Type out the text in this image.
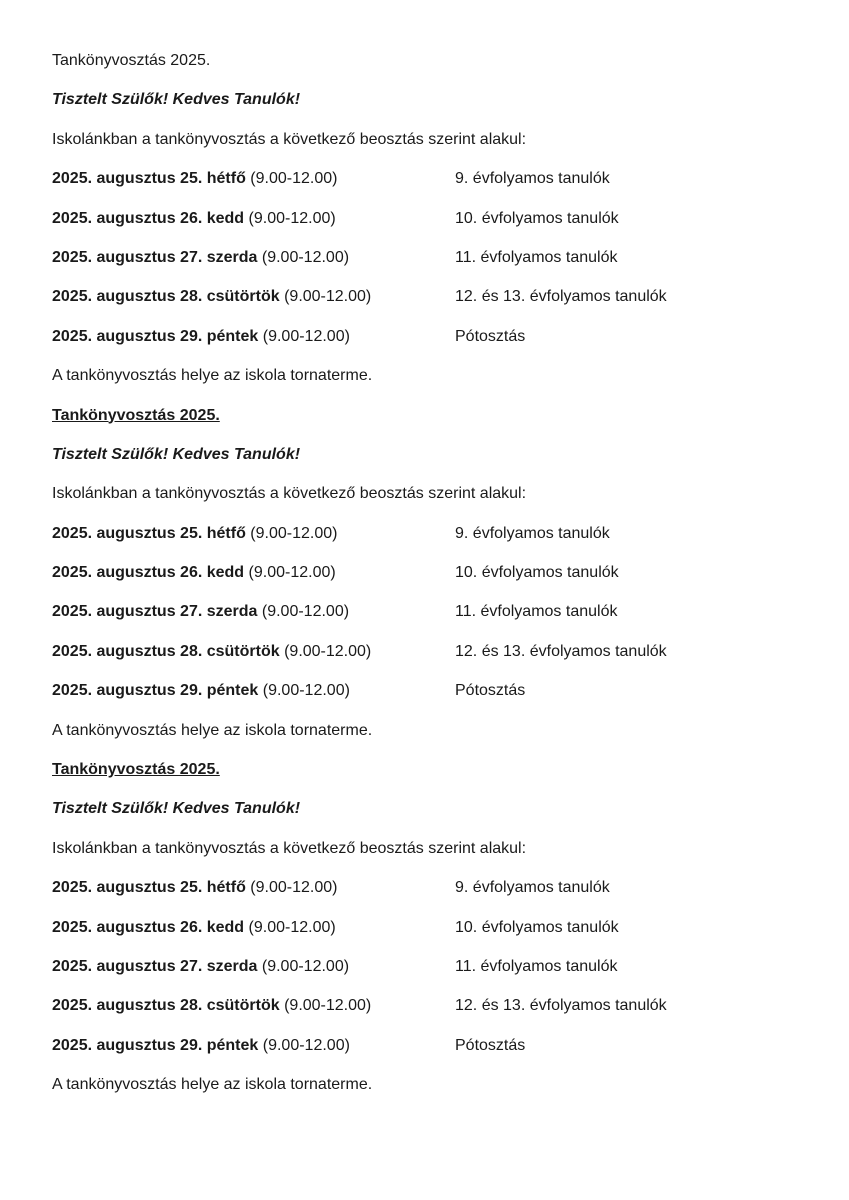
Tankönyvosztás 2025.
Tisztelt Szülők! Kedves Tanulók!
Iskolánkban a tankönyvosztás a következő beosztás szerint alakul:
2025. augusztus 25. hétfő (9.00-12.00)	9. évfolyamos tanulók
2025. augusztus 26. kedd (9.00-12.00)	10. évfolyamos tanulók
2025. augusztus 27. szerda (9.00-12.00)	11. évfolyamos tanulók
2025. augusztus 28. csütörtök (9.00-12.00)	12. és 13. évfolyamos tanulók
2025. augusztus 29. péntek (9.00-12.00)	Pótosztás
A tankönyvosztás helye az iskola tornaterme.
Tankönyvosztás 2025.
Tisztelt Szülők! Kedves Tanulók!
Iskolánkban a tankönyvosztás a következő beosztás szerint alakul:
2025. augusztus 25. hétfő (9.00-12.00)	9. évfolyamos tanulók
2025. augusztus 26. kedd (9.00-12.00)	10. évfolyamos tanulók
2025. augusztus 27. szerda (9.00-12.00)	11. évfolyamos tanulók
2025. augusztus 28. csütörtök (9.00-12.00)	12. és 13. évfolyamos tanulók
2025. augusztus 29. péntek (9.00-12.00)	Pótosztás
A tankönyvosztás helye az iskola tornaterme.
Tankönyvosztás 2025.
Tisztelt Szülők! Kedves Tanulók!
Iskolánkban a tankönyvosztás a következő beosztás szerint alakul:
2025. augusztus 25. hétfő (9.00-12.00)	9. évfolyamos tanulók
2025. augusztus 26. kedd (9.00-12.00)	10. évfolyamos tanulók
2025. augusztus 27. szerda (9.00-12.00)	11. évfolyamos tanulók
2025. augusztus 28. csütörtök (9.00-12.00)	12. és 13. évfolyamos tanulók
2025. augusztus 29. péntek (9.00-12.00)	Pótosztás
A tankönyvosztás helye az iskola tornaterme.
